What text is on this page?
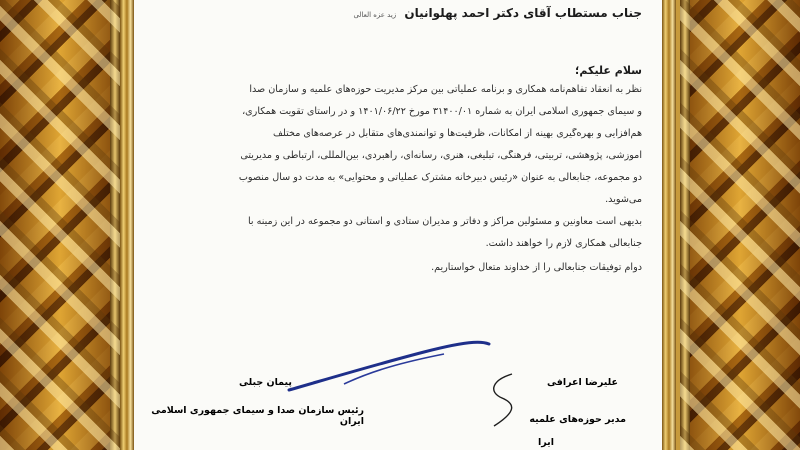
جناب مستطاب آقای دکتر احمد پهلوانیان زید عزه العالی
سلام علیکم؛
نظر به انعقاد تفاهم‌نامه همکاری و برنامه عملیاتی بین مرکز مدیریت حوزه‌های علمیه و سازمان صدا
و سیمای جمهوری اسلامی ایران به شماره ۳۱۴۰۰/۰۱ مورخ ۱۴۰۱/۰۶/۲۲ و در راستای تقویت همکاری،
هم‌افزایی و بهره‌گیری بهینه از امکانات، ظرفیت‌ها و توانمندی‌های متقابل در عرصه‌های مختلف
آموزشی، پژوهشی، تربیتی، فرهنگی، تبلیغی، هنری، رسانه‌ای، راهبردی، بین‌المللی، ارتباطی و مدیریتی
دو مجموعه، جنابعالی به عنوان «رئیس دبیرخانه مشترک عملیاتی و محتوایی» به مدت دو سال منصوب
می‌شوید.
بدیهی است معاونین و مسئولین مراکز و دفاتر و مدیران ستادی و استانی دو مجموعه در این زمینه با
جنابعالی همکاری لازم را خواهند داشت.
دوام توفیقات جنابعالی را از خداوند متعال خواستاریم.
علیرضا اعرافی
مدیر حوزه‌های علمیه
ایرا
پیمان جبلی
رئیس سازمان صدا و سیمای جمهوری اسلامی ایران
